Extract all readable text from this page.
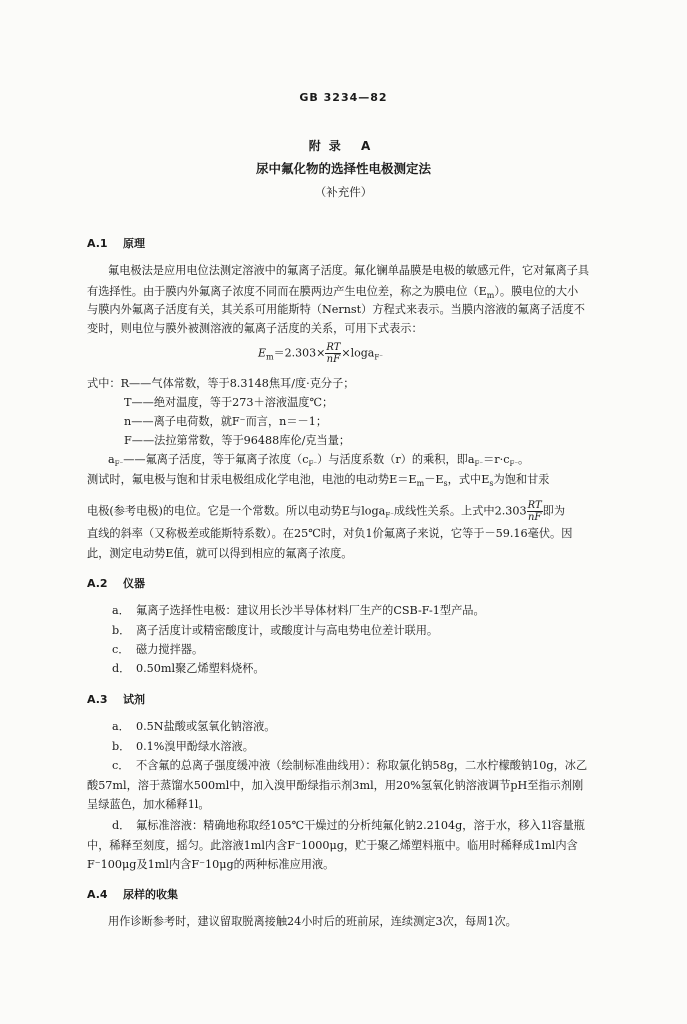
GB 3234—82
附录 A
尿中氟化物的选择性电极测定法
（补充件）
A.1 原理
氟电极法是应用电位法测定溶液中的氟离子活度。氟化镧单晶膜是电极的敏感元件，它对氟离子具
有选择性。由于膜内外氟离子浓度不同而在膜两边产生电位差，称之为膜电位$(E_m)$。膜电位的大小
与膜内外氟离子活度有关，其关系可用能斯特（Nernst）方程式来表示。当膜内溶液的氟离子活度不
变时，则电位与膜外被测溶液的氟离子活度的关系，可用下式表示：
$E_m=2.303\times \frac{RT}{nF} \times\log a_{F^-}$
式中：R——气体常数，等于8.3148焦耳/度·克分子；
T——绝对温度，等于273＋溶液温度℃；
n——离子电荷数，就F⁻而言，n＝－1；
F——法拉第常数，等于96488库伦/克当量；
$a_{F^-}——$氟离子活度，等于氟离子浓度$(c_{F^-})$与活度系数（r）的乘积，即$a_{F^-}=r\cdot c_{F^-}$。
测试时，氟电极与饱和甘汞电极组成化学电池，电池的电动势$E=E_m-E_s$，式中$E_s$为饱和甘汞
电极(参考电极)的电位。它是一个常数。所以电动势E与loga$_{F^-}$成线性关系。上式中$2.303 \frac{RT}{nF}$ 即为
直线的斜率（又称极差或能斯特系数）。在25℃时，对负1价氟离子来说，它等于－59.16毫伏。因
此，测定电动势E值，就可以得到相应的氟离子浓度。
A.2 仪器
a． 氟离子选择性电极：建议用长沙半导体材料厂生产的CSB-F-1型产品。
b． 离子活度计或精密酸度计，或酸度计与高电势电位差计联用。
c． 磁力搅拌器。
d． 0.50ml聚乙烯塑料烧杯。
A.3 试剂
a． 0.5N盐酸或氢氧化钠溶液。
b． 0.1%溴甲酚绿水溶液。
c． 不含氟的总离子强度缓冲液（绘制标准曲线用）：称取氯化钠58g，二水柠檬酸钠10g，冰乙
酸57ml，溶于蒸馏水500ml中，加入溴甲酚绿指示剂3ml，用20%氢氧化钠溶液调节pH至指示剂刚
呈绿蓝色，加水稀释1l。
d． 氟标准溶液：精确地称取经105℃干燥过的分析纯氟化钠2.2104g，溶于水，移入1l容量瓶
中，稀释至刻度，摇匀。此溶液1ml内含F⁻1000μg，贮于聚乙烯塑料瓶中。临用时稀释成1ml内含
F⁻100μg及1ml内含F⁻10μg的两种标准应用液。
A.4 尿样的收集
用作诊断参考时，建议留取脱离接触24小时后的班前尿，连续测定3次，每周1次。
